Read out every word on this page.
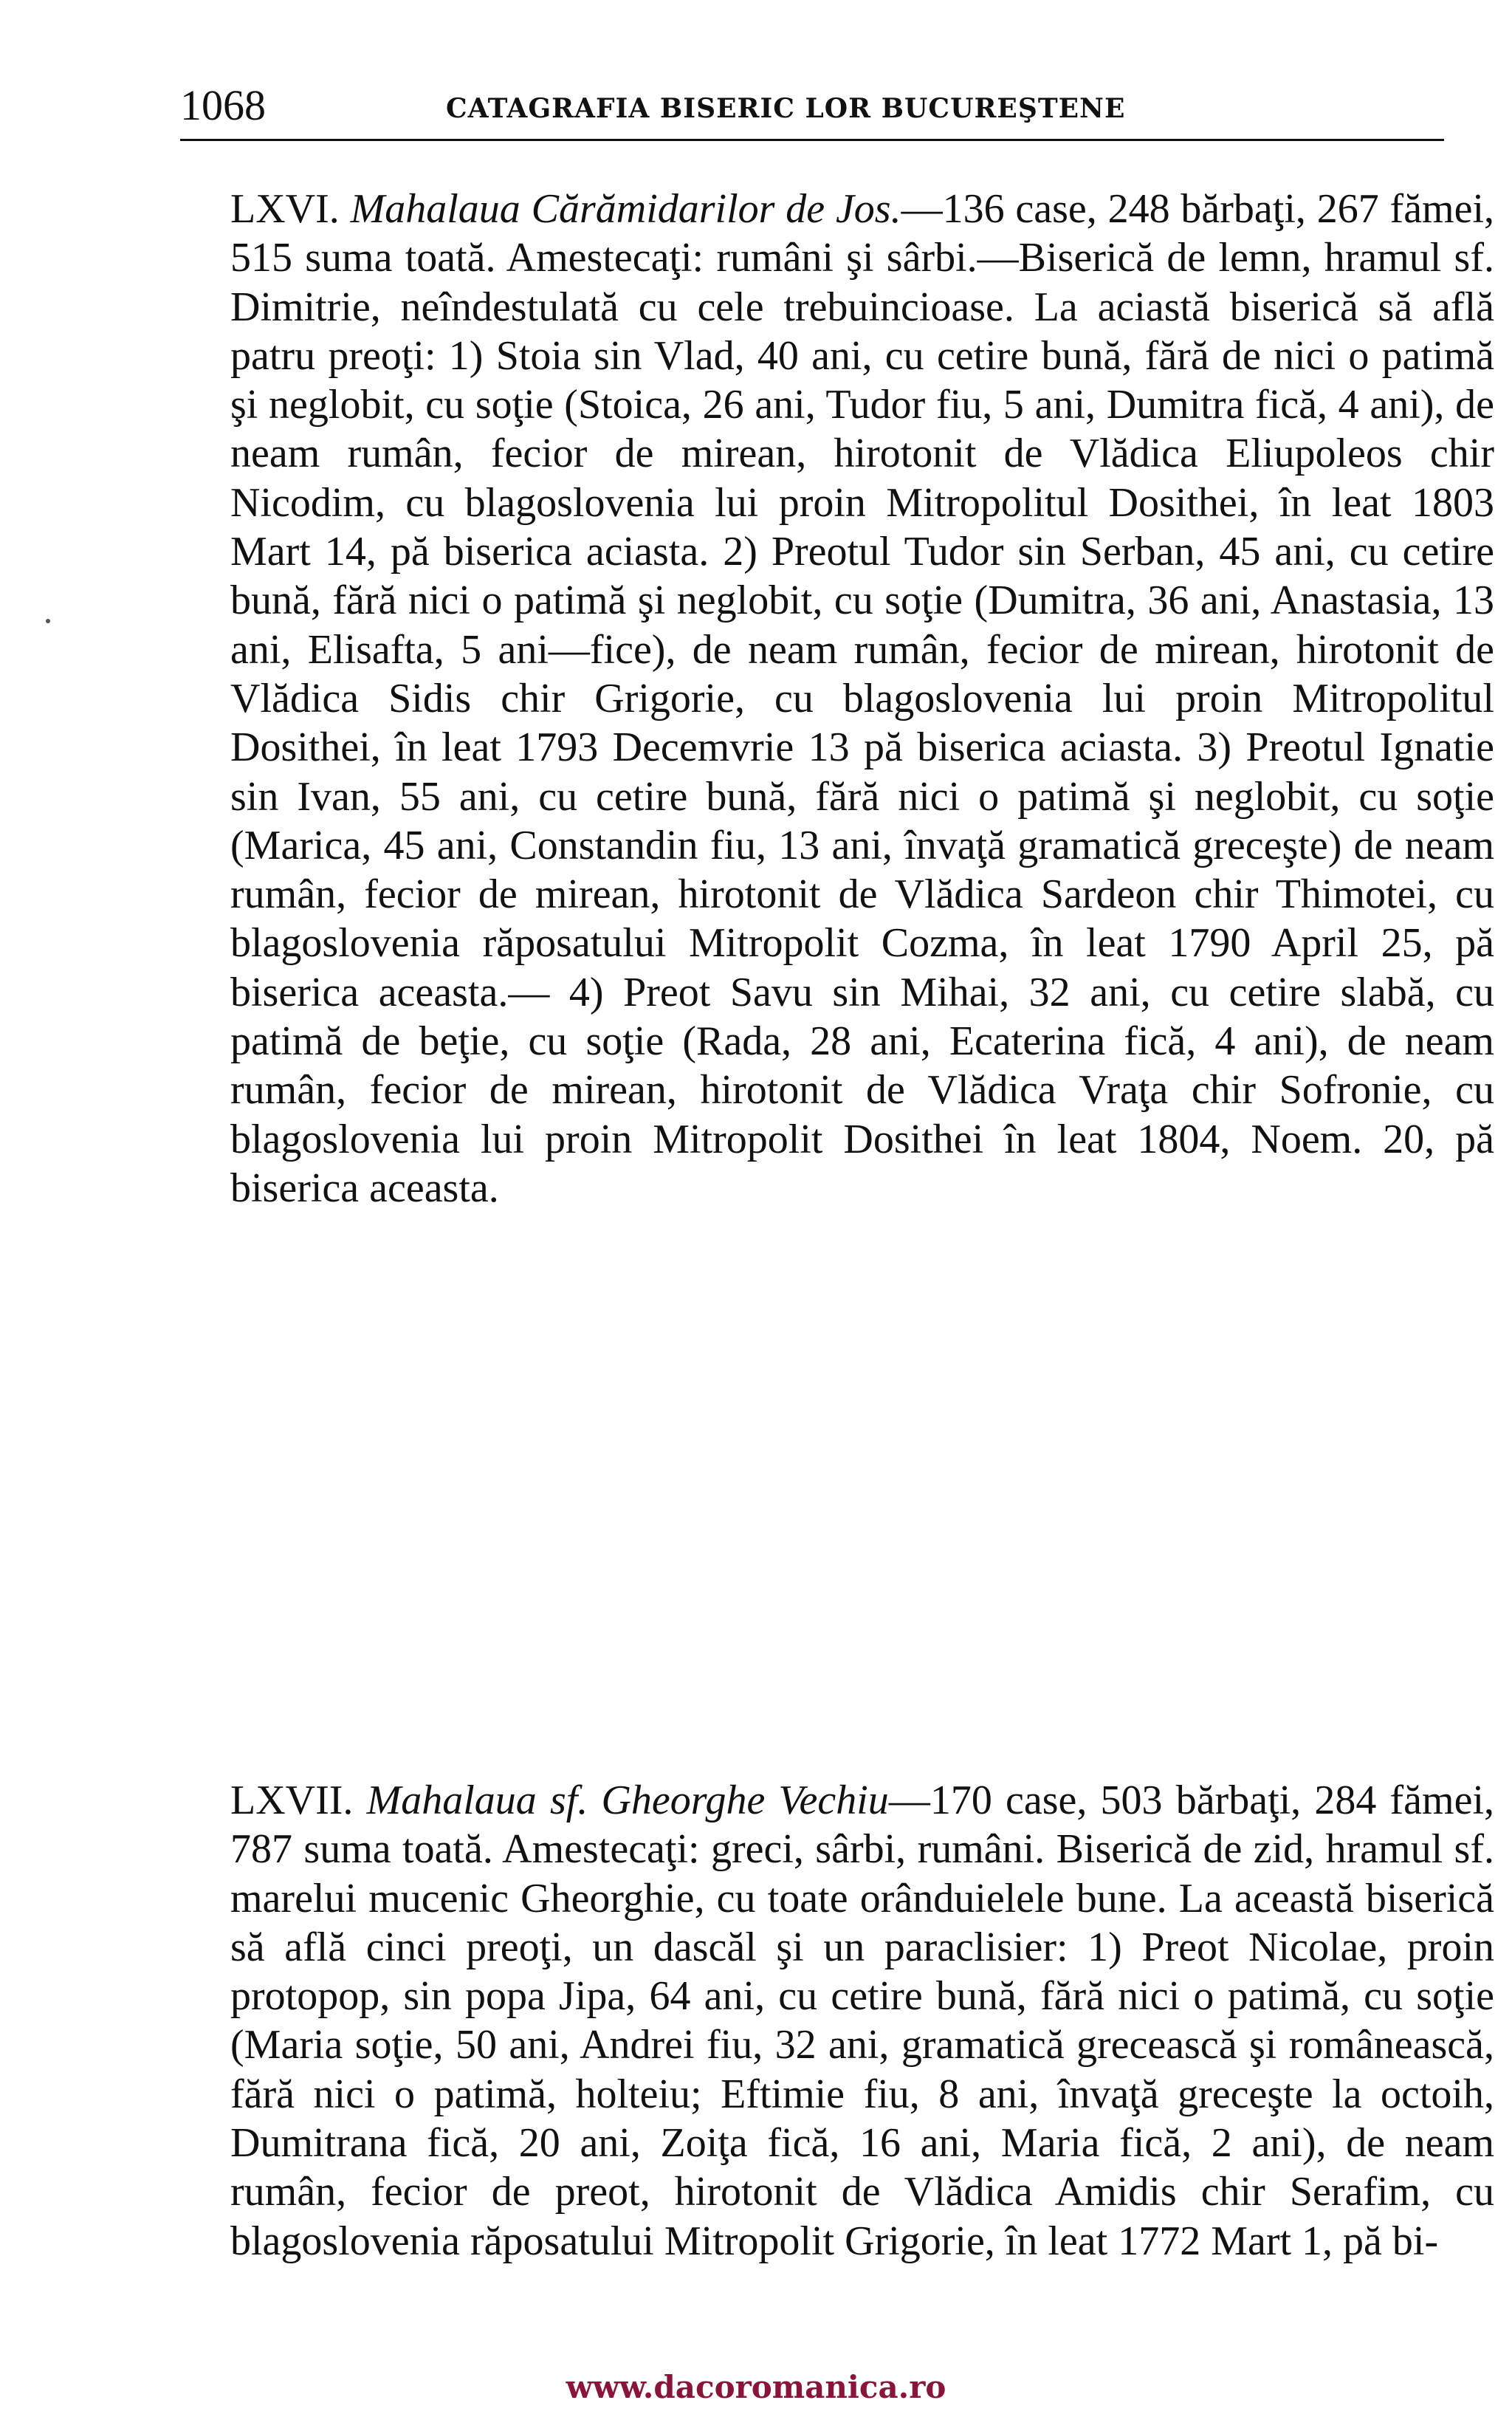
1068	CATAGRAFIA BISERIC LOR BUCUREŞTENE

LXVI. Mahalaua Cărămidarilor de Jos.—136 case, 248 bărbaţi, 267 fămei, 515 suma toată. Amestecaţi: rumâni şi sârbi.—Biserică de lemn, hramul sf. Dimitrie, neîndestulată cu cele trebuincioase. La aciastă biserică să află patru preoţi: 1) Stoia sin Vlad, 40 ani, cu cetire bună, fără de nici o patimă şi neglobit, cu soţie (Stoica, 26 ani, Tudor fiu, 5 ani, Dumitra fică, 4 ani), de neam rumân, fecior de mirean, hirotonit de Vlădica Eliupoleos chir Nicodim, cu blagoslovenia lui proin Mitropolitul Dosithei, în leat 1803 Mart 14, pă biserica aciasta. 2) Preotul Tudor sin Serban, 45 ani, cu cetire bună, fără nici o patimă şi neglobit, cu soţie (Dumitra, 36 ani, Anastasia, 13 ani, Elisafta, 5 ani—fice), de neam rumân, fecior de mirean, hirotonit de Vlădica Sidis chir Grigorie, cu blagoslovenia lui proin Mitropolitul Dosithei, în leat 1793 Decemvrie 13 pă biserica aciasta. 3) Preotul Ignatie sin Ivan, 55 ani, cu cetire bună, fără nici o patimă şi neglobit, cu soţie (Marica, 45 ani, Constandin fiu, 13 ani, învaţă gramatică greceşte) de neam rumân, fecior de mirean, hirotonit de Vlădica Sardeon chir Thimotei, cu blagoslovenia răposatului Mitropolit Cozma, în leat 1790 April 25, pă biserica aceasta.— 4) Preot Savu sin Mihai, 32 ani, cu cetire slabă, cu patimă de beţie, cu soţie (Rada, 28 ani, Ecaterina fică, 4 ani), de neam rumân, fecior de mirean, hirotonit de Vlădica Vraţa chir Sofronie, cu blagoslovenia lui proin Mitropolit Dosithei în leat 1804, Noem. 20, pă biserica aceasta.

LXVII. Mahalaua sf. Gheorghe Vechiu—170 case, 503 bărbaţi, 284 fămei, 787 suma toată. Amestecaţi: greci, sârbi, rumâni. Biserică de zid, hramul sf. marelui mucenic Gheorghie, cu toate orânduielele bune. La această biserică să află cinci preoţi, un dascăl şi un paraclisier: 1) Preot Nicolae, proin protopop, sin popa Jipa, 64 ani, cu cetire bună, fără nici o patimă, cu soţie (Maria soţie, 50 ani, Andrei fiu, 32 ani, gramatică grecească şi românească, fără nici o patimă, holteiu; Eftimie fiu, 8 ani, învaţă greceşte la octoih, Dumitrana fică, 20 ani, Zoiţa fică, 16 ani, Maria fică, 2 ani), de neam rumân, fecior de preot, hirotonit de Vlădica Amidis chir Serafim, cu blagoslovenia răposatului Mitropolit Grigorie, în leat 1772 Mart 1, pă bi-

www.dacoromanica.ro
